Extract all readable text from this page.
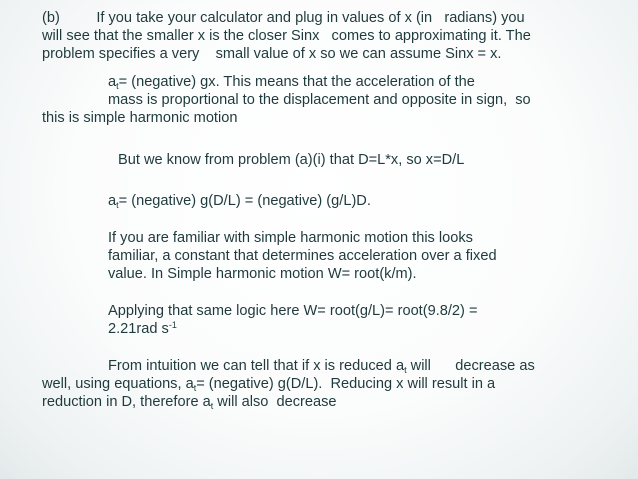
(b)         If you take your calculator and plug in values of x (in   radians) you

will see that the smaller x is the closer Sinx   comes to approximating it. The

problem specifies a very    small value of x so we can assume Sinx = x.

$a_t=$ (negative) gx. This means that the acceleration of the

mass is proportional to the displacement and opposite in sign,  so

this is simple harmonic motion

But we know from problem (a)(i) that D=L*x, so x=D/L

$a_t=$ (negative) g(D/L) = (negative) (g/L)D.

If you are familiar with simple harmonic motion this looks

familiar, a constant that determines acceleration over a fixed

value. In Simple harmonic motion W= root(k/m).

Applying that same logic here W= root(g/L)= root(9.8/2) =

2.21rad $s^{-1}$

From intuition we can tell that if x is reduced $a_t$ will      decrease as

well, using equations, $a_t=$ (negative) g(D/L).  Reducing x will result in a

reduction in D, therefore $a_t$ will also  decrease
